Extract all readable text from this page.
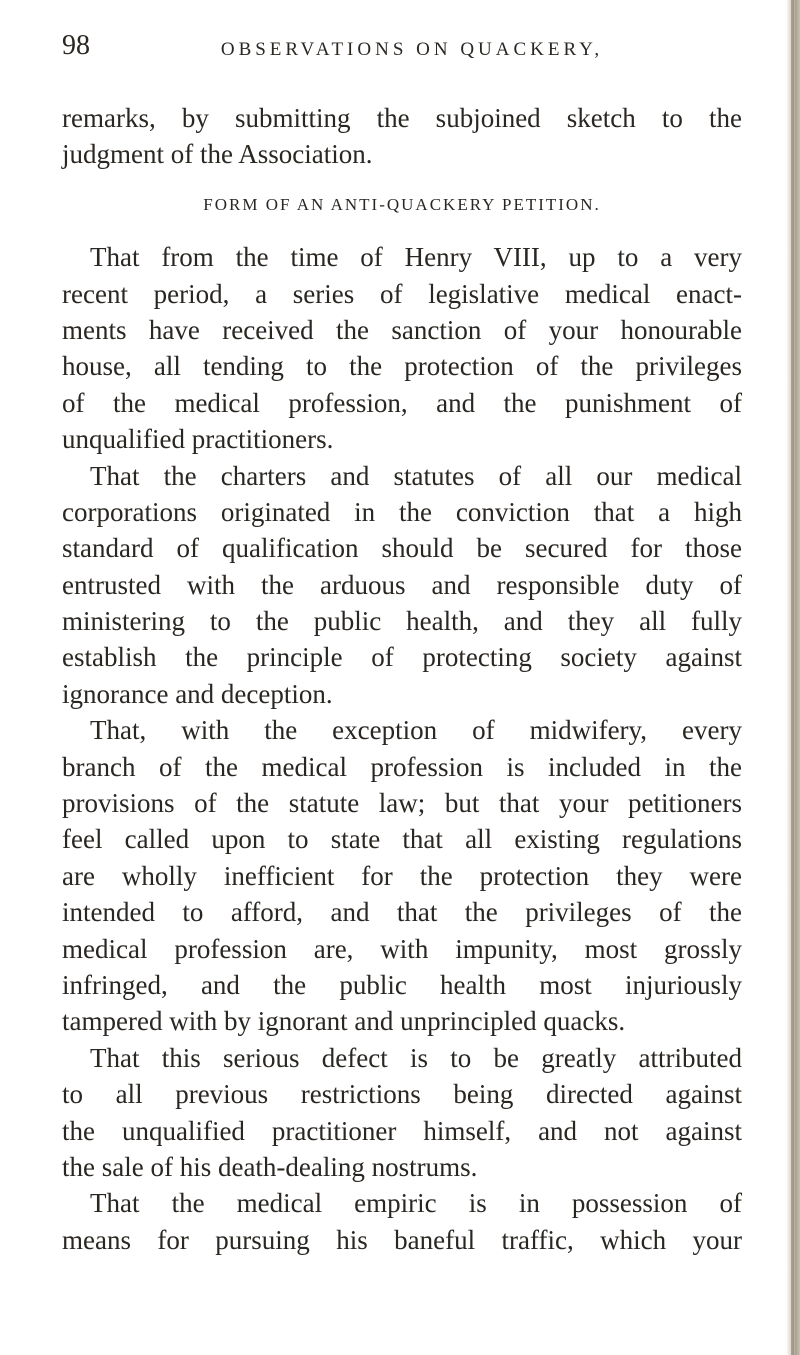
98	OBSERVATIONS ON QUACKERY,
remarks, by submitting the subjoined sketch to the
judgment of the Association.
FORM OF AN ANTI-QUACKERY PETITION.
That from the time of Henry VIII, up to a very
recent period, a series of legislative medical enact-
ments have received the sanction of your honourable
house, all tending to the protection of the privileges
of the medical profession, and the punishment of
unqualified practitioners.
That the charters and statutes of all our medical
corporations originated in the conviction that a high
standard of qualification should be secured for those
entrusted with the arduous and responsible duty of
ministering to the public health, and they all fully
establish the principle of protecting society against
ignorance and deception.
That, with the exception of midwifery, every
branch of the medical profession is included in the
provisions of the statute law; but that your petitioners
feel called upon to state that all existing regulations
are wholly inefficient for the protection they were
intended to afford, and that the privileges of the
medical profession are, with impunity, most grossly
infringed, and the public health most injuriously
tampered with by ignorant and unprincipled quacks.
That this serious defect is to be greatly attributed
to all previous restrictions being directed against
the unqualified practitioner himself, and not against
the sale of his death-dealing nostrums.
That the medical empiric is in possession of
means for pursuing his baneful traffic, which your
